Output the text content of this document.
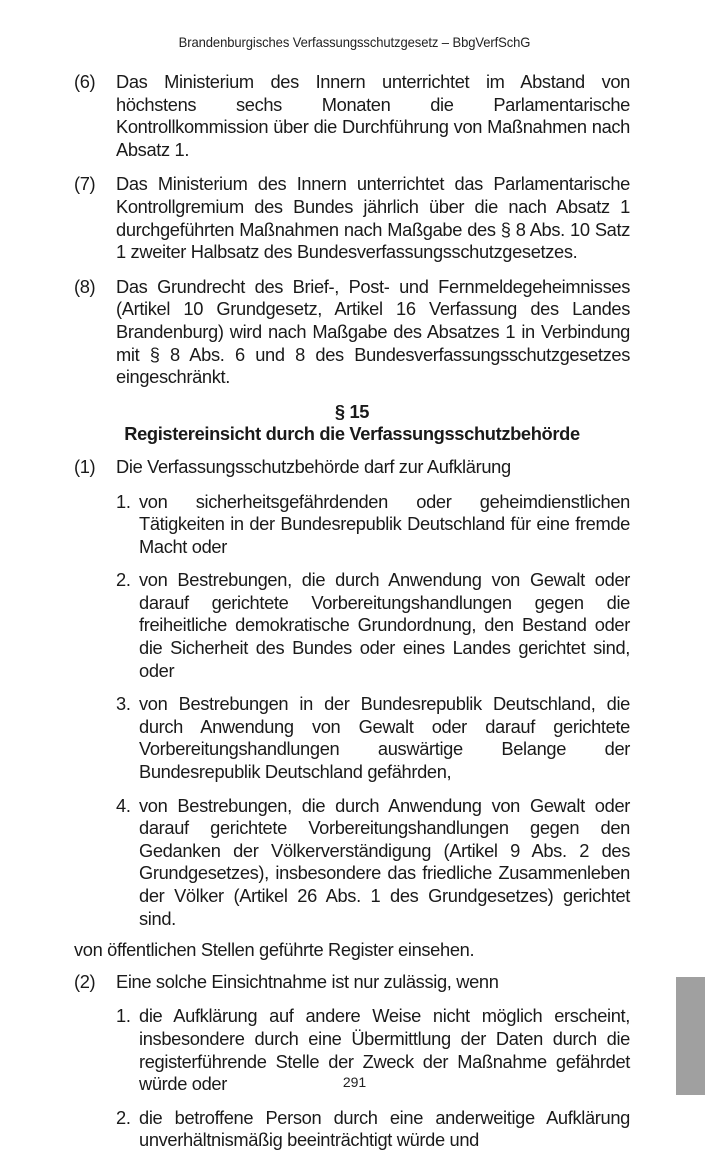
Brandenburgisches Verfassungsschutzgesetz – BbgVerfSchG
(6) Das Ministerium des Innern unterrichtet im Abstand von höchstens sechs Monaten die Parlamentarische Kontrollkommission über die Durchführung von Maßnahmen nach Absatz 1.
(7) Das Ministerium des Innern unterrichtet das Parlamentarische Kontrollgremium des Bundes jährlich über die nach Absatz 1 durchgeführten Maßnahmen nach Maßgabe des § 8 Abs. 10 Satz 1 zweiter Halbsatz des Bundesverfassungsschutzgesetzes.
(8) Das Grundrecht des Brief-, Post- und Fernmeldegeheimnisses (Artikel 10 Grundgesetz, Artikel 16 Verfassung des Landes Brandenburg) wird nach Maßgabe des Absatzes 1 in Verbindung mit § 8 Abs. 6 und 8 des Bundesverfassungsschutzgesetzes eingeschränkt.
§ 15
Registereinsicht durch die Verfassungsschutzbehörde
(1) Die Verfassungsschutzbehörde darf zur Aufklärung
1. von sicherheitsgefährdenden oder geheimdienstlichen Tätigkeiten in der Bundesrepublik Deutschland für eine fremde Macht oder
2. von Bestrebungen, die durch Anwendung von Gewalt oder darauf gerichtete Vorbereitungshandlungen gegen die freiheitliche demokratische Grundordnung, den Bestand oder die Sicherheit des Bundes oder eines Landes gerichtet sind, oder
3. von Bestrebungen in der Bundesrepublik Deutschland, die durch Anwendung von Gewalt oder darauf gerichtete Vorbereitungshandlungen auswärtige Belange der Bundesrepublik Deutschland gefährden,
4. von Bestrebungen, die durch Anwendung von Gewalt oder darauf gerichtete Vorbereitungshandlungen gegen den Gedanken der Völkerverständigung (Artikel 9 Abs. 2 des Grundgesetzes), insbesondere das friedliche Zusammenleben der Völker (Artikel 26 Abs. 1 des Grundgesetzes) gerichtet sind.
von öffentlichen Stellen geführte Register einsehen.
(2) Eine solche Einsichtnahme ist nur zulässig, wenn
1. die Aufklärung auf andere Weise nicht möglich erscheint, insbesondere durch eine Übermittlung der Daten durch die registerführende Stelle der Zweck der Maßnahme gefährdet würde oder
2. die betroffene Person durch eine anderweitige Aufklärung unverhältnismäßig beeinträchtigt würde und
291
